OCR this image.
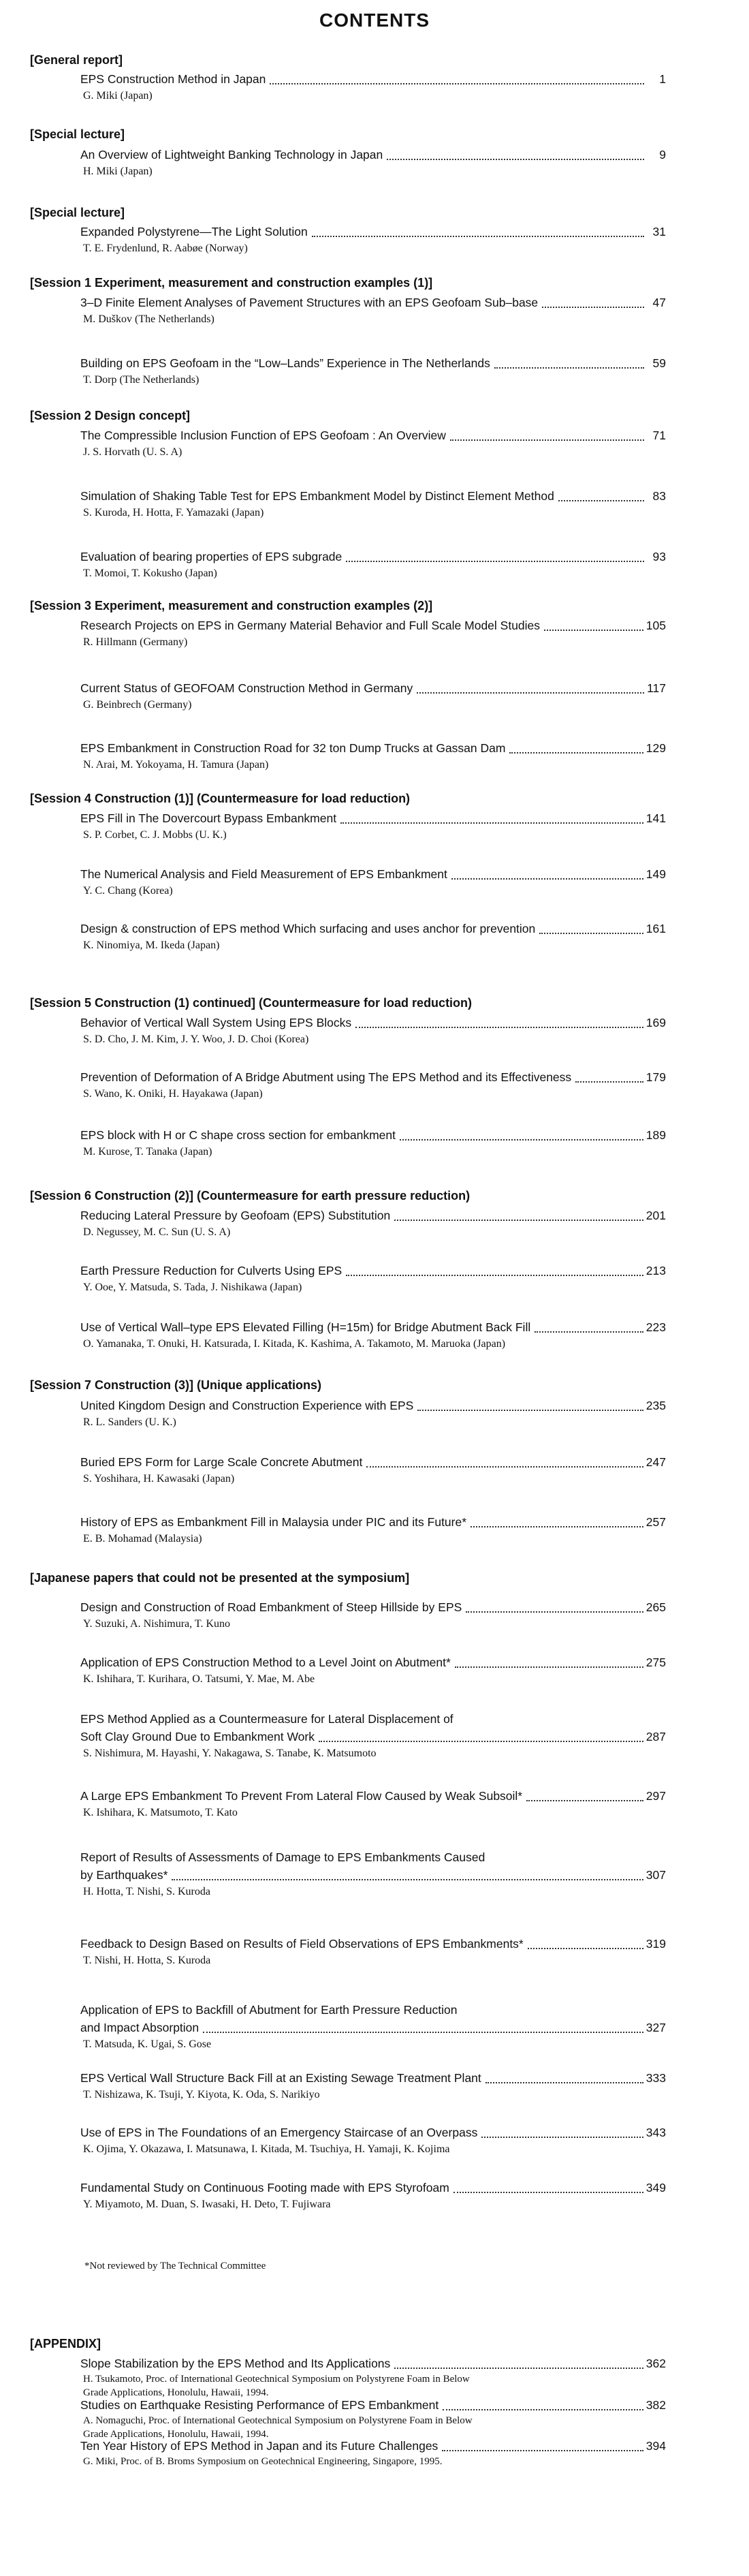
CONTENTS
[General report]
EPS Construction Method in Japan	1
G. Miki (Japan)
[Special lecture]
An Overview of Lightweight Banking Technology in Japan	9
H. Miki (Japan)
[Special lecture]
Expanded Polystyrene—The Light Solution	31
T. E. Frydenlund, R. Aabøe (Norway)
[Session 1 Experiment, measurement and construction examples (1)]
3–D Finite Element Analyses of Pavement Structures with an EPS Geofoam Sub–base	47
M. Duškov (The Netherlands)
Building on EPS Geofoam in the “Low–Lands” Experience in The Netherlands	59
T. Dorp (The Netherlands)
[Session 2 Design concept]
The Compressible Inclusion Function of EPS Geofoam : An Overview	71
J. S. Horvath (U. S. A)
Simulation of Shaking Table Test for EPS Embankment Model by Distinct Element Method	83
S. Kuroda, H. Hotta, F. Yamazaki (Japan)
Evaluation of bearing properties of EPS subgrade	93
T. Momoi, T. Kokusho (Japan)
[Session 3 Experiment, measurement and construction examples (2)]
Research Projects on EPS in Germany Material Behavior and Full Scale Model Studies	105
R. Hillmann (Germany)
Current Status of GEOFOAM Construction Method in Germany	117
G. Beinbrech (Germany)
EPS Embankment in Construction Road for 32 ton Dump Trucks at Gassan Dam	129
N. Arai, M. Yokoyama, H. Tamura (Japan)
[Session 4 Construction (1)] (Countermeasure for load reduction)
EPS Fill in The Dovercourt Bypass Embankment	141
S. P. Corbet, C. J. Mobbs (U. K.)
The Numerical Analysis and Field Measurement of EPS Embankment	149
Y. C. Chang (Korea)
Design & construction of EPS method Which surfacing and uses anchor for prevention	161
K. Ninomiya, M. Ikeda (Japan)
[Session 5 Construction (1) continued] (Countermeasure for load reduction)
Behavior of Vertical Wall System Using EPS Blocks	169
S. D. Cho, J. M. Kim, J. Y. Woo, J. D. Choi (Korea)
Prevention of Deformation of A Bridge Abutment using The EPS Method and its Effectiveness	179
S. Wano, K. Oniki, H. Hayakawa (Japan)
EPS block with H or C shape cross section for embankment	189
M. Kurose, T. Tanaka (Japan)
[Session 6 Construction (2)] (Countermeasure for earth pressure reduction)
Reducing Lateral Pressure by Geofoam (EPS) Substitution	201
D. Negussey, M. C. Sun (U. S. A)
Earth Pressure Reduction for Culverts Using EPS	213
Y. Ooe, Y. Matsuda, S. Tada, J. Nishikawa (Japan)
Use of Vertical Wall–type EPS Elevated Filling (H=15m) for Bridge Abutment Back Fill	223
O. Yamanaka, T. Onuki, H. Katsurada, I. Kitada, K. Kashima, A. Takamoto, M. Maruoka (Japan)
[Session 7 Construction (3)] (Unique applications)
United Kingdom Design and Construction Experience with EPS	235
R. L. Sanders (U. K.)
Buried EPS Form for Large Scale Concrete Abutment	247
S. Yoshihara, H. Kawasaki (Japan)
History of EPS as Embankment Fill in Malaysia under PIC and its Future*	257
E. B. Mohamad (Malaysia)
[Japanese papers that could not be presented at the symposium]
Design and Construction of Road Embankment of Steep Hillside by EPS	265
Y. Suzuki, A. Nishimura, T. Kuno
Application of EPS Construction Method to a Level Joint on Abutment*	275
K. Ishihara, T. Kurihara, O. Tatsumi, Y. Mae, M. Abe
EPS Method Applied as a Countermeasure for Lateral Displacement of
Soft Clay Ground Due to Embankment Work	287
S. Nishimura, M. Hayashi, Y. Nakagawa, S. Tanabe, K. Matsumoto
A Large EPS Embankment To Prevent From Lateral Flow Caused by Weak Subsoil*	297
K. Ishihara, K. Matsumoto, T. Kato
Report of Results of Assessments of Damage to EPS Embankments Caused
by Earthquakes*	307
H. Hotta, T. Nishi, S. Kuroda
Feedback to Design Based on Results of Field Observations of EPS Embankments*	319
T. Nishi, H. Hotta, S. Kuroda
Application of EPS to Backfill of Abutment for Earth Pressure Reduction
and Impact Absorption	327
T. Matsuda, K. Ugai, S. Gose
EPS Vertical Wall Structure Back Fill at an Existing Sewage Treatment Plant	333
T. Nishizawa, K. Tsuji, Y. Kiyota, K. Oda, S. Narikiyo
Use of EPS in The Foundations of an Emergency Staircase of an Overpass	343
K. Ojima, Y. Okazawa, I. Matsunawa, I. Kitada, M. Tsuchiya, H. Yamaji, K. Kojima
Fundamental Study on Continuous Footing made with EPS Styrofoam	349
Y. Miyamoto, M. Duan, S. Iwasaki, H. Deto, T. Fujiwara
[APPENDIX]
Slope Stabilization by the EPS Method and Its Applications	362
H. Tsukamoto, Proc. of International Geotechnical Symposium on Polystyrene Foam in Below Grade Applications, Honolulu, Hawaii, 1994.
Studies on Earthquake Resisting Performance of EPS Embankment	382
A. Nomaguchi, Proc. of International Geotechnical Symposium on Polystyrene Foam in Below Grade Applications, Honolulu, Hawaii, 1994.
Ten Year History of EPS Method in Japan and its Future Challenges	394
G. Miki, Proc. of B. Broms Symposium on Geotechnical Engineering, Singapore, 1995.
*Not reviewed by The Technical Committee
